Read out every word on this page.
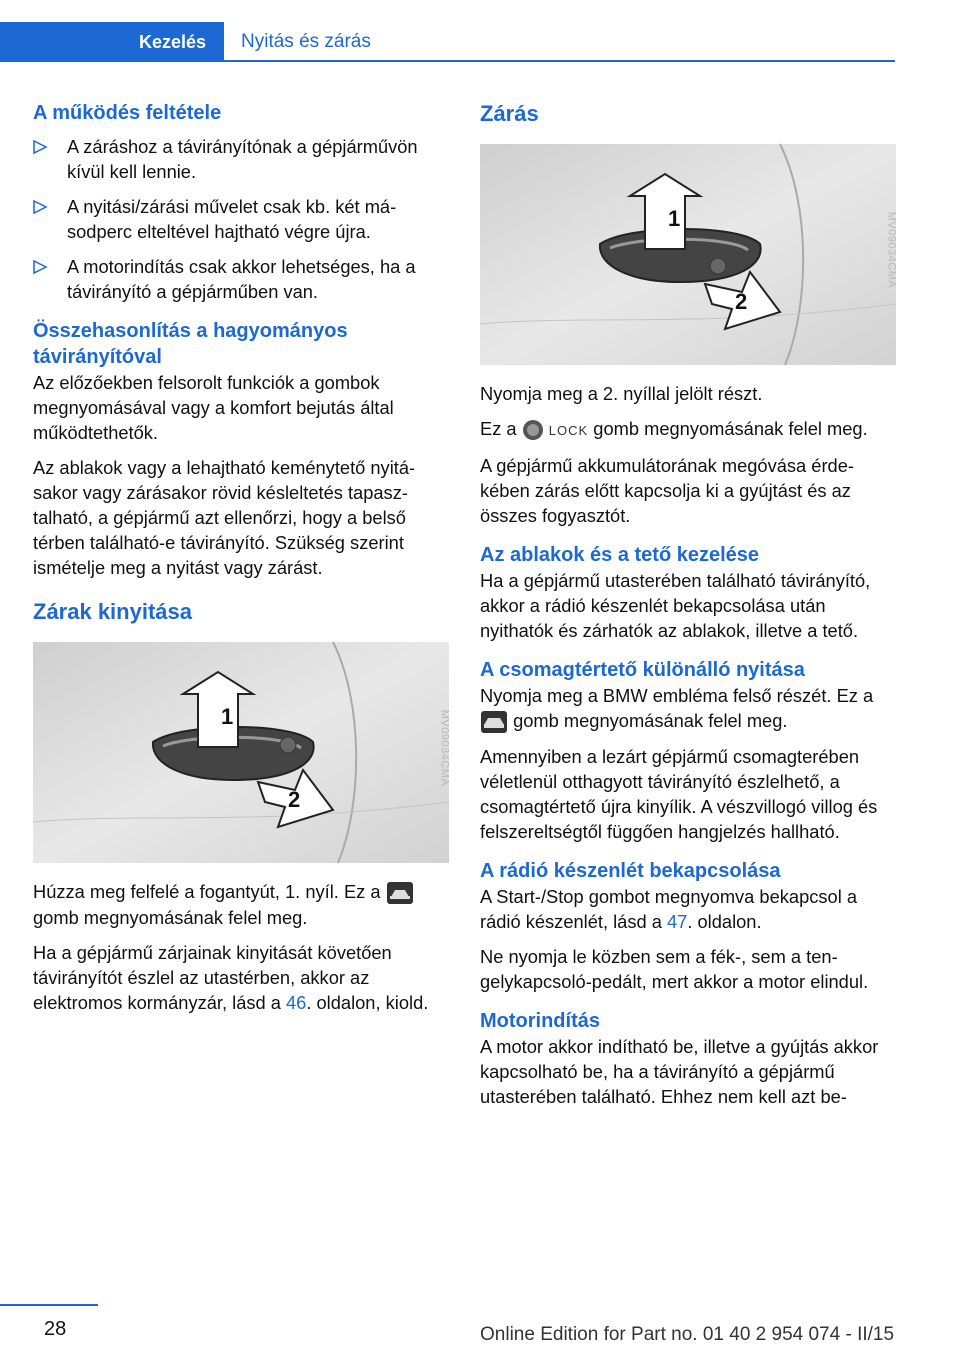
Kezelés Nyitás és zárás
A működés feltétele
A záráshoz a távirányítónak a gépjárművön kívül kell lennie.
A nyitási/zárási művelet csak kb. két másodperc elteltével hajtható végre újra.
A motorindítás csak akkor lehetséges, ha a távirányító a gépjárműben van.
Összehasonlítás a hagyományos távirányítóval

Az előzőekben felsorolt funkciók a gombok megnyomásával vagy a komfort bejutás által működtethetők.

Az ablakok vagy a lehajtható keménytető nyitásakor vagy zárásakor rövid késleltetés tapasztalható, a gépjármű azt ellenőrzi, hogy a belső térben található-e távirányító. Szükség szerint ismételje meg a nyitást vagy zárást.

Zárak kinyitása
1
2
MV09034CMA

Húzza meg felfelé a fogantyút, 1. nyíl. Ez a  gomb megnyomásának felel meg.

Ha a gépjármű zárjainak kinyitását követően távirányítót észlel az utastérben, akkor az elektromos kormányzár, lásd a 46. oldalon, kiold.

Zárás
1
2
MV09034CMA

Nyomja meg a 2. nyíllal jelölt részt.

Ez a LOCK gomb megnyomásának felel meg.

A gépjármű akkumulátorának megóvása érdekében zárás előtt kapcsolja ki a gyújtást és az összes fogyasztót.

Az ablakok és a tető kezelése

Ha a gépjármű utasterében található távirányító, akkor a rádió készenlét bekapcsolása után nyithatók és zárhatók az ablakok, illetve a tető.

A csomagtértető különálló nyitása

Nyomja meg a BMW embléma felső részét. Ez a  gomb megnyomásának felel meg.

Amennyiben a lezárt gépjármű csomagterében véletlenül otthagyott távirányító észlelhető, a csomagtértető újra kinyílik. A vészvillogó villog és felszereltségtől függően hangjelzés hallható.

A rádió készenlét bekapcsolása

A Start-/Stop gombot megnyomva bekapcsol a rádió készenlét, lásd a 47. oldalon.

Ne nyomja le közben sem a fék-, sem a tengelykapcsoló-pedált, mert akkor a motor elindul.

Motorindítás

A motor akkor indítható be, illetve a gyújtás akkor kapcsolható be, ha a távirányító a gépjármű utasterében található. Ehhez nem kell azt be-

28	Online Edition for Part no. 01 40 2 954 074 - II/15
